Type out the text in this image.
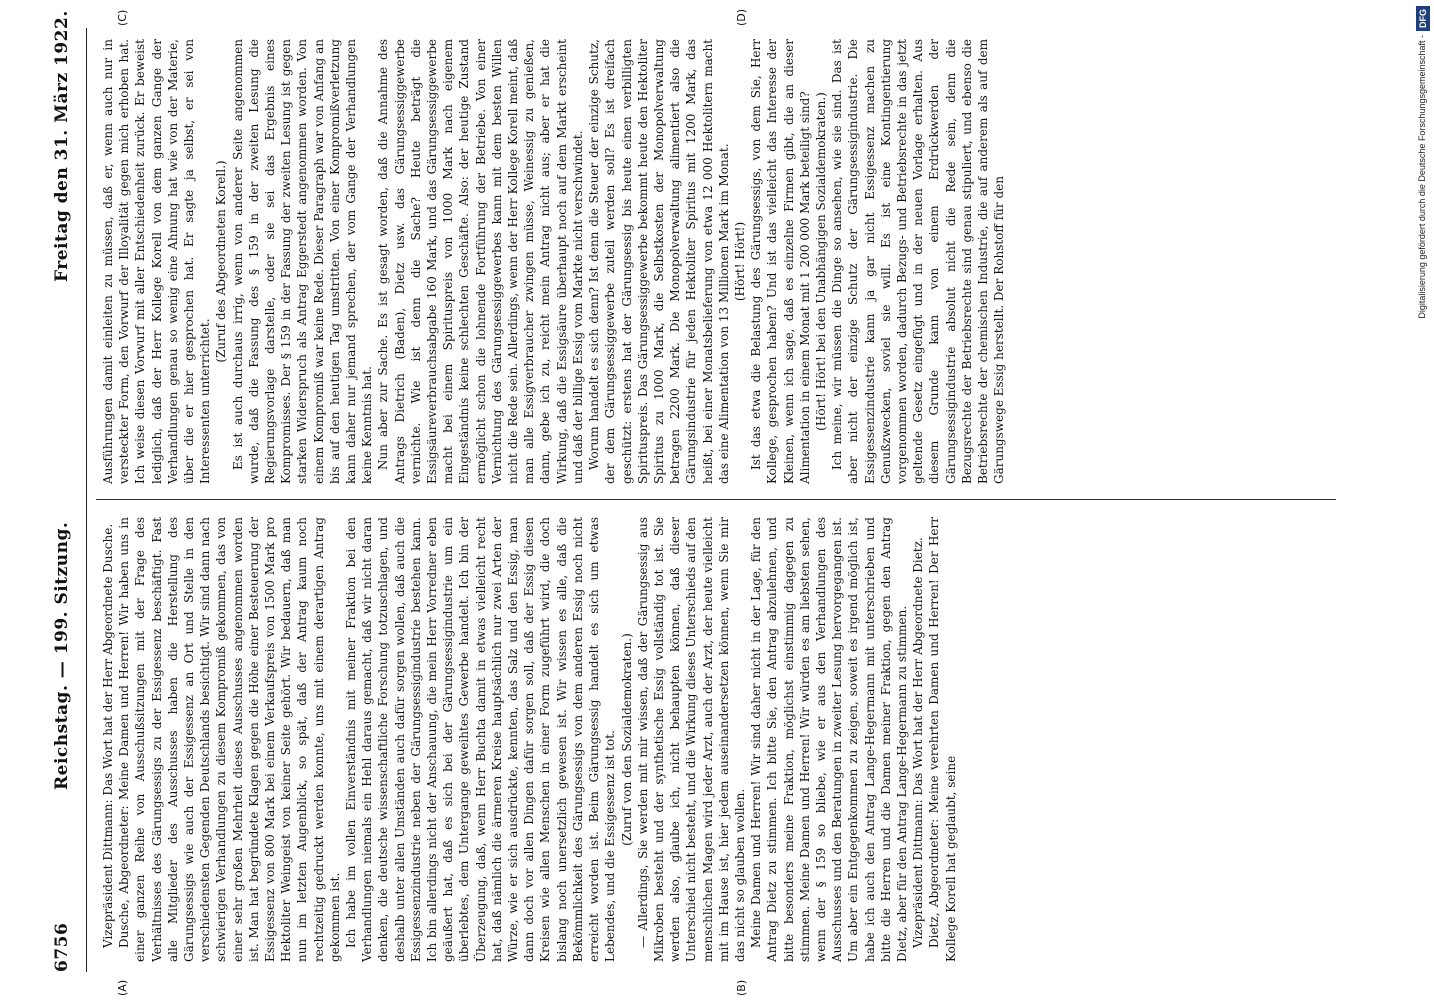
6756
Reichstag. — 199. Sitzung.
Freitag den 31. März 1922.
(A)	(B)
(C)	(D)

Vizepräsident Dittmann: Das Wort hat der Herr Abgeordnete Dusche. Dusche, Abgeordneter: Meine Damen und Herren! Wir haben uns in einer ganzen Reihe von Ausschußsitzungen mit der Frage des Verhältnisses des Gärungsessigs zu der Essigessenz beschäftigt. Fast alle Mitglieder des Ausschusses haben die Herstellung des Gärungsessigs wie auch der Essigessenz an Ort und Stelle in den verschiedensten Gegenden Deutschlands besichtigt. Wir sind dann nach schwierigen Verhandlungen zu diesem Kompromiß gekommen, das von einer sehr großen Mehrheit dieses Ausschusses angenommen worden ist. Man hat begründete Klagen gegen die Höhe einer Besteuerung der Essigessenz von 800 Mark bei einem Verkaufspreis von 1500 Mark pro Hektoliter Weingeist von keiner Seite gehört. Wir bedauern, daß man nun im letzten Augenblick, so spät, daß der Antrag kaum noch rechtzeitig gedruckt werden konnte, uns mit einem derartigen Antrag gekommen ist. Ich habe im vollen Einverständnis mit meiner Fraktion bei den Verhandlungen niemals ein Hehl daraus gemacht, daß wir nicht daran denken, die deutsche wissenschaftliche Forschung totzuschlagen, und deshalb unter allen Umständen auch dafür sorgen wollen, daß auch die Essigessenzindustrie neben der Gärungsessigindustrie bestehen kann. Ich bin allerdings nicht der Anschauung, die mein Herr Vorredner eben geäußert hat, daß es sich bei der Gärungsessigindustrie um ein überlebtes, dem Untergange geweihtes Gewerbe handelt. Ich bin der Überzeugung, daß, wenn Herr Buchta damit in etwas vielleicht recht hat, daß nämlich die ärmeren Kreise hauptsächlich nur zwei Arten der Würze, wie er sich ausdrückte, kennten, das Salz und den Essig, man dann doch vor allen Dingen dafür sorgen soll, daß der Essig diesen Kreisen wie allen Menschen in einer Form zugeführt wird, die doch bislang noch unersetzlich gewesen ist. Wir wissen es alle, daß die Bekömmlichkeit des Gärungsessigs von dem anderen Essig noch nicht erreicht worden ist. Beim Gärungsessig handelt es sich um etwas Lebendes, und die Essigessenz ist tot. (Zuruf von den Sozialdemokraten.) — Allerdings, Sie werden mit mir wissen, daß der Gärungsessig aus Mikroben besteht und der synthetische Essig vollständig tot ist. Sie werden also, glaube ich, nicht behaupten können, daß dieser Unterschied nicht besteht, und die Wirkung dieses Unterschieds auf den menschlichen Magen wird jeder Arzt, auch der Arzt, der heute vielleicht mit im Hause ist, hier jedem auseinandersetzen können, wenn Sie mir das nicht so glauben wollen. Meine Damen und Herren! Wir sind daher nicht in der Lage, für den Antrag Dietz zu stimmen. Ich bitte Sie, den Antrag abzulehnen, und bitte besonders meine Fraktion, möglichst einstimmig dagegen zu stimmen. Meine Damen und Herren! Wir würden es am liebsten sehen, wenn der § 159 so bliebe, wie er aus den Verhandlungen des Ausschusses und den Beratungen in zweiter Lesung hervorgegangen ist. Um aber ein Entgegenkommen zu zeigen, soweit es irgend möglich ist, habe ich auch den Antrag Lange-Hegermann mit unterschrieben und bitte die Herren und die Damen meiner Fraktion, gegen den Antrag Dietz, aber für den Antrag Lange-Hegermann zu stimmen. Vizepräsident Dittmann: Das Wort hat der Herr Abgeordnete Dietz. Dietz, Abgeordneter: Meine verehrten Damen und Herren! Der Herr Kollege Korell hat geglaubt, seine

Ausführungen damit einleiten zu müssen, daß er, wenn auch nur in versteckter Form, den Vorwurf der Illoyalität gegen mich erhoben hat. Ich weise diesen Vorwurf mit aller Entschiedenheit zurück. Er beweist lediglich, daß der Herr Kollege Korell von dem ganzen Gange der Verhandlungen genau so wenig eine Ahnung hat wie von der Materie, über die er hier gesprochen hat. Er sagte ja selbst, er sei von Interessenten unterrichtet.

(Zuruf des Abgeordneten Korell.) Es ist auch durchaus irrig, wenn von anderer Seite angenommen wurde, daß die Fassung des § 159 in der zweiten Lesung die Regierungsvorlage darstelle, oder sie sei das Ergebnis eines Kompromisses. Der § 159 in der Fassung der zweiten Lesung ist gegen starken Widerspruch als Antrag Eggerstedt angenommen worden. Von einem Kompromiß war keine Rede. Dieser Paragraph war von Anfang an bis auf den heutigen Tag umstritten. Von einer Kompromißverletzung kann daher nur jemand sprechen, der vom Gange der Verhandlungen keine Kenntnis hat. Nun aber zur Sache. Es ist gesagt worden, daß die Annahme des Antrags Dietrich (Baden), Dietz usw. das Gärungsessiggewerbe vernichte. Wie ist denn die Sache? Heute beträgt die Essigsäureverbrauchsabgabe 160 Mark, und das Gärungsessiggewerbe macht bei einem Spirituspreis von 1000 Mark nach eigenem Eingeständnis keine schlechten Geschäfte. Also: der heutige Zustand ermöglicht schon die lohnende Fortführung der Betriebe. Von einer Vernichtung des Gärungsessiggewerbes kann mit dem besten Willen nicht die Rede sein. Allerdings, wenn der Herr Kollege Korell meint, daß man alle Essigverbraucher zwingen müsse, Weinessig zu genießen, dann, gebe ich zu, reicht mein Antrag nicht aus; aber er hat die Wirkung, daß die Essigsäure überhaupt noch auf dem Markt erscheint und daß der billige Essig vom Markte nicht verschwindet. Worum handelt es sich denn? Ist denn die Steuer der einzige Schutz, der dem Gärungsessiggewerbe zuteil werden soll? Es ist dreifach geschützt: erstens hat der Gärungsessig bis heute einen verbilligten Spirituspreis. Das Gärungsessiggewerbe bekommt heute den Hektoliter Spiritus zu 1000 Mark, die Selbstkosten der Monopolverwaltung betragen 2200 Mark. Die Monopolverwaltung alimentiert also die Gärungsindustrie für jeden Hektoliter Spiritus mit 1200 Mark, das heißt, bei einer Monatsbelieferung von etwa 12 000 Hektolitern macht das eine Alimentation von 13 Millionen Mark im Monat. (Hört! Hört!) Ist das etwa die Belastung des Gärungsessigs, von dem Sie, Herr Kollege, gesprochen haben? Und ist das vielleicht das Interesse der Kleinen, wenn ich sage, daß es einzelne Firmen gibt, die an dieser Alimentation in einem Monat mit 1 200 000 Mark beteiligt sind? (Hört! Hört! bei den Unabhängigen Sozialdemokraten.) Ich meine, wir müssen die Dinge so ansehen, wie sie sind. Das ist aber nicht der einzige Schutz der Gärungsessigindustrie. Die Essigessenzindustrie kann ja gar nicht Essigessenz machen zu Genußzwecken, soviel sie will. Es ist eine Kontingentierung vorgenommen worden, dadurch Bezugs- und Betriebsrechte in das jetzt geltende Gesetz eingefügt und in der neuen Vorlage erhalten. Aus diesem Grunde kann von einem Erdrückwerden der Gärungsessigindustrie absolut nicht die Rede sein, denn die Bezugsrechte der Betriebsrechte sind genau stipuliert, und ebenso die Betriebsrechte der chemischen Industrie, die auf anderem als auf dem Gärungswege Essig herstellt. Der Rohstoff für den	Digitalisierung gefördert durch die Deutsche Forschungsgemeinschaft -DFG
